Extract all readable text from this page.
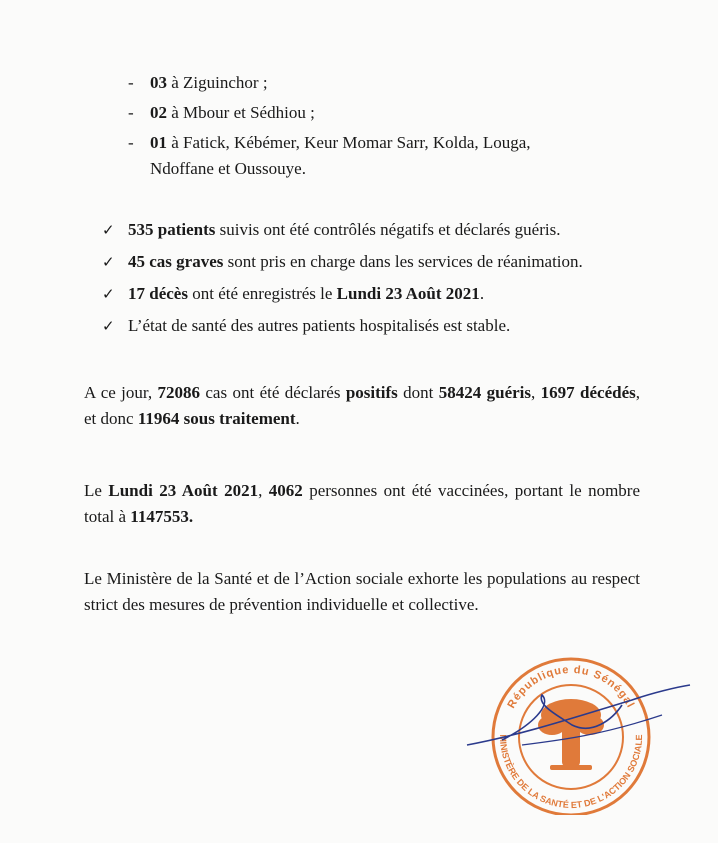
- 03 à Ziguinchor ;
- 02 à Mbour et Sédhiou ;
- 01 à Fatick, Kébémer, Keur Momar Sarr, Kolda, Louga,
Ndoffane et Oussouye.
✓ 535 patients suivis ont été contrôlés négatifs et déclarés guéris.
✓ 45 cas graves sont pris en charge dans les services de réanimation.
✓ 17 décès ont été enregistrés le Lundi 23 Août 2021.
✓ L’état de santé des autres patients hospitalisés est stable.

A ce jour, 72086 cas ont été déclarés positifs dont 58424 guéris, 1697 décédés, et donc 11964 sous traitement.

Le Lundi 23 Août 2021, 4062 personnes ont été vaccinées, portant le nombre total à 1147553.

Le Ministère de la Santé et de l’Action sociale exhorte les populations au respect strict des mesures de prévention individuelle et collective.

République du Sénégal
MINISTÈRE DE LA SANTÉ ET DE L'ACTION SOCIALE
